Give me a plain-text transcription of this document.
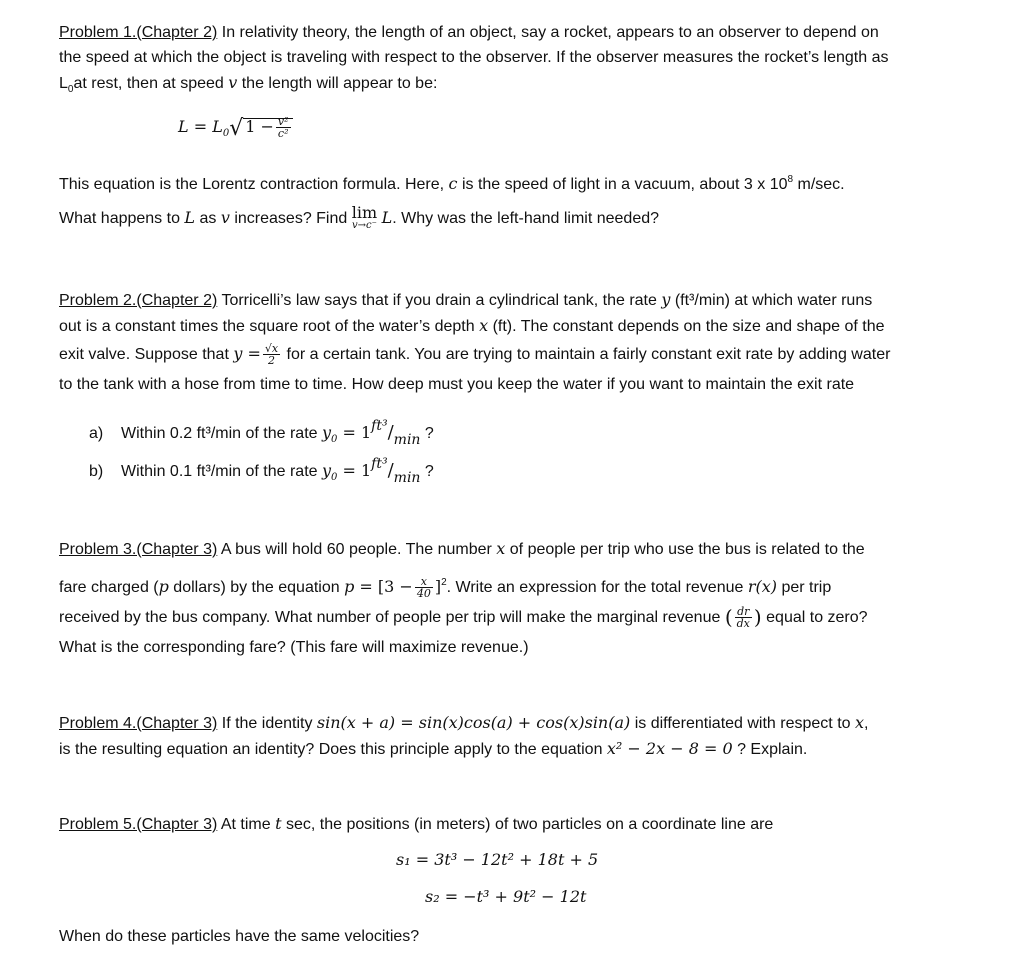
Problem 1.(Chapter 2) In relativity theory, the length of an object, say a rocket, appears to an observer to depend on
the speed at which the object is traveling with respect to the observer. If the observer measures the rocket’s length as
$L_0at$ rest, then at speed v the length will appear to be:
$L = L_0√$ $1 - \frac{\text{v²}}{\text{c²}}$
This equation is the Lorentz contraction formula. Here, c is the speed of light in a vacuum, about 3 x $10^8$ m/sec.
What happens to L as v increases? Find lim
v→c⁻ L. Why was the left-hand limit needed?
Problem 2.(Chapter 2) Torricelli’s law says that if you drain a cylindrical tank, the rate y (ft³/min) at which water runs
out is a constant times the square root of the water’s depth x (ft). The constant depends on the size and shape of the
exit valve. Suppose that $y = \frac{√x}{2}$ for a certain tank. You are trying to maintain a fairly constant exit rate by adding water
to the tank with a hose from time to time. How deep must you keep the water if you want to maintain the exit rate
a) Within 0.2 ft³/min of the rate $y_0 = 1ft^3/\min$ ?
b) Within 0.1 ft³/min of the rate $y_0 = 1ft^3/\min$ ?
Problem 3.(Chapter 3) A bus will hold 60 people. The number x of people per trip who use the bus is related to the
fare charged (p dollars) by the equation $p = [3 - \frac{x}{40} ]^2$. Write an expression for the total revenue r(x) per trip
received by the bus company. What number of people per trip will make the marginal revenue ( $\frac{dr}{dx}$ ) equal to zero?
What is the corresponding fare? (This fare will maximize revenue.)
Problem 4.(Chapter 3) If the identity sin(x + a) = sin(x)cos(a) + cos(x)sin(a) is differentiated with respect to x,
is the resulting equation an identity? Does this principle apply to the equation x² − 2x − 8 = 0 ? Explain.
Problem 5.(Chapter 3) At time t sec, the positions (in meters) of two particles on a coordinate line are
s₁ = 3t³ − 12t² + 18t + 5
s₂ = −t³ + 9t² − 12t
When do these particles have the same velocities?
